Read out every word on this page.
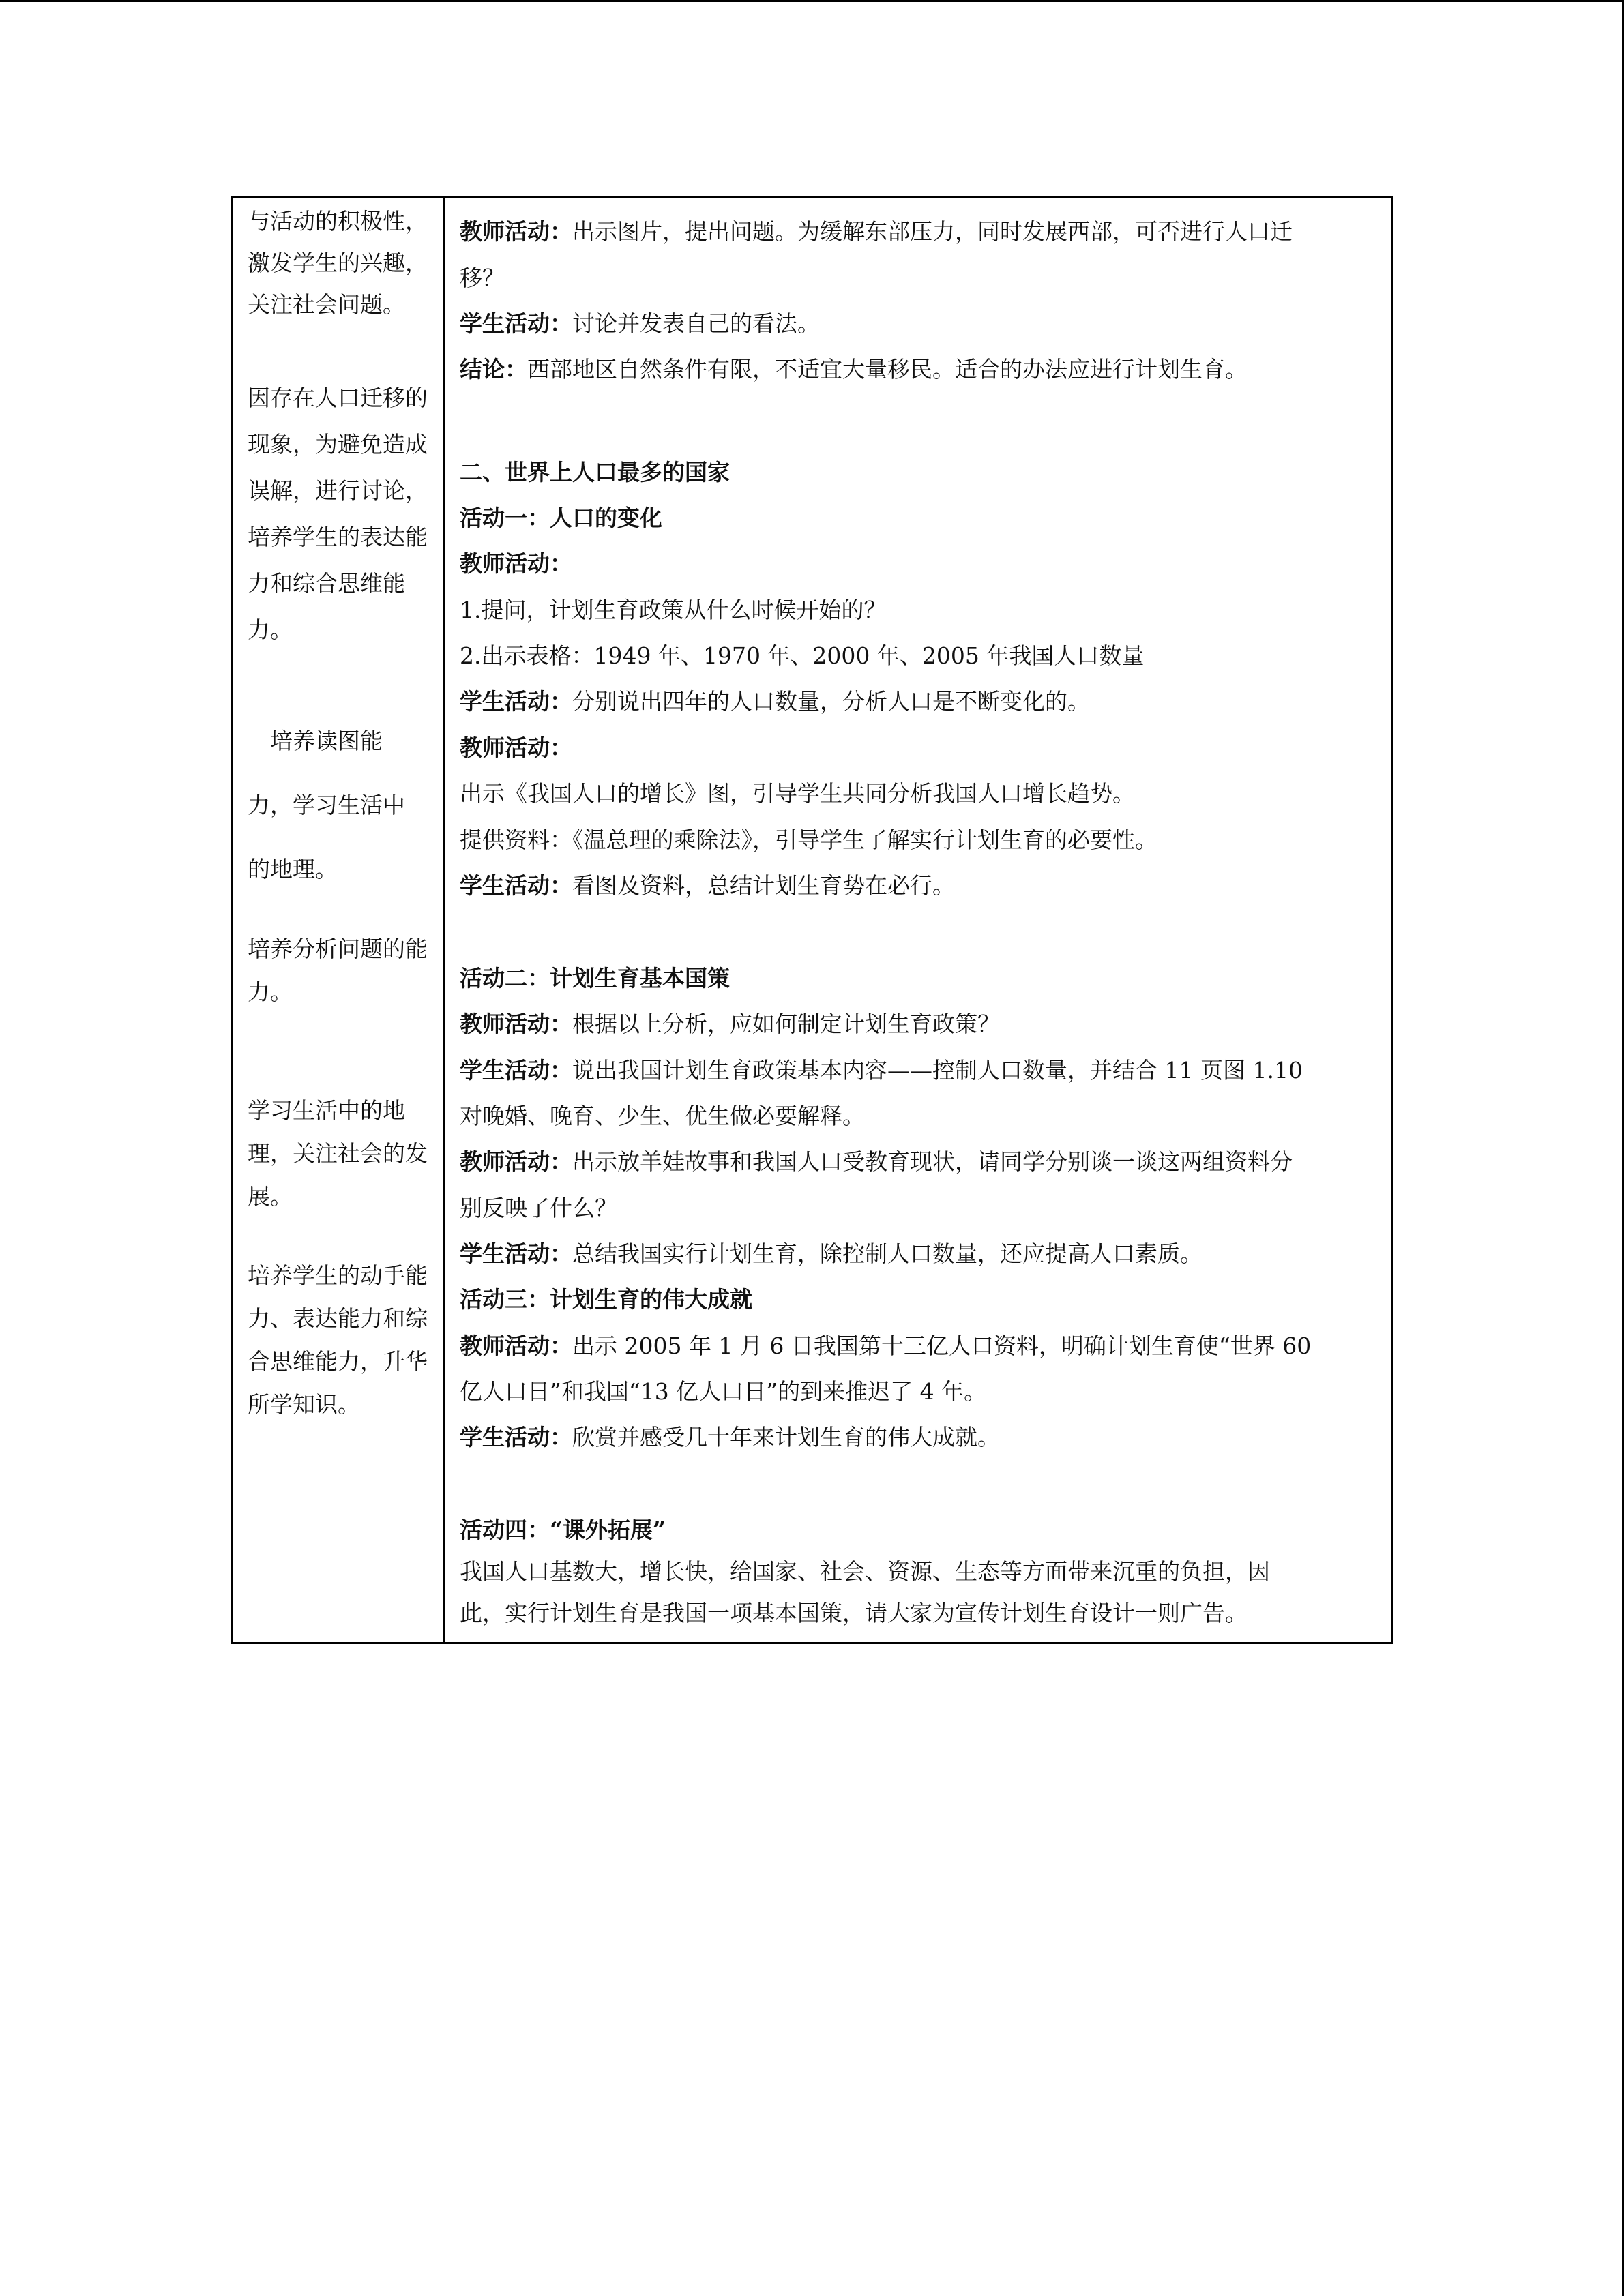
与活动的积极性，激发学生的兴趣，关注社会问题。
因存在人口迁移的现象，为避免造成误解，进行讨论，培养学生的表达能力和综合思维能力。
　培养读图能
力，学习生活中
的地理。
培养分析问题的能力。
学习生活中的地理，关注社会的发展。
培养学生的动手能力、表达能力和综合思维能力，升华所学知识。
教师活动：出示图片，提出问题。为缓解东部压力，同时发展西部，可否进行人口迁
移？
学生活动：讨论并发表自己的看法。
结论：西部地区自然条件有限，不适宜大量移民。适合的办法应进行计划生育。
二、世界上人口最多的国家
活动一：人口的变化
教师活动：
1.提问，计划生育政策从什么时候开始的？
2.出示表格：1949 年、1970 年、2000 年、2005 年我国人口数量
学生活动：分别说出四年的人口数量，分析人口是不断变化的。
教师活动：
出示《我国人口的增长》图，引导学生共同分析我国人口增长趋势。
提供资料：《温总理的乘除法》，引导学生了解实行计划生育的必要性。
学生活动：看图及资料，总结计划生育势在必行。
活动二：计划生育基本国策
教师活动：根据以上分析，应如何制定计划生育政策？
学生活动：说出我国计划生育政策基本内容——控制人口数量，并结合 11 页图 1.10
对晚婚、晚育、少生、优生做必要解释。
教师活动：出示放羊娃故事和我国人口受教育现状，请同学分别谈一谈这两组资料分
别反映了什么？
学生活动：总结我国实行计划生育，除控制人口数量，还应提高人口素质。
活动三：计划生育的伟大成就
教师活动：出示 2005 年 1 月 6 日我国第十三亿人口资料，明确计划生育使“世界 60
亿人口日”和我国“13 亿人口日”的到来推迟了 4 年。
学生活动：欣赏并感受几十年来计划生育的伟大成就。
活动四：“课外拓展”
我国人口基数大，增长快，给国家、社会、资源、生态等方面带来沉重的负担，因
此，实行计划生育是我国一项基本国策，请大家为宣传计划生育设计一则广告。
